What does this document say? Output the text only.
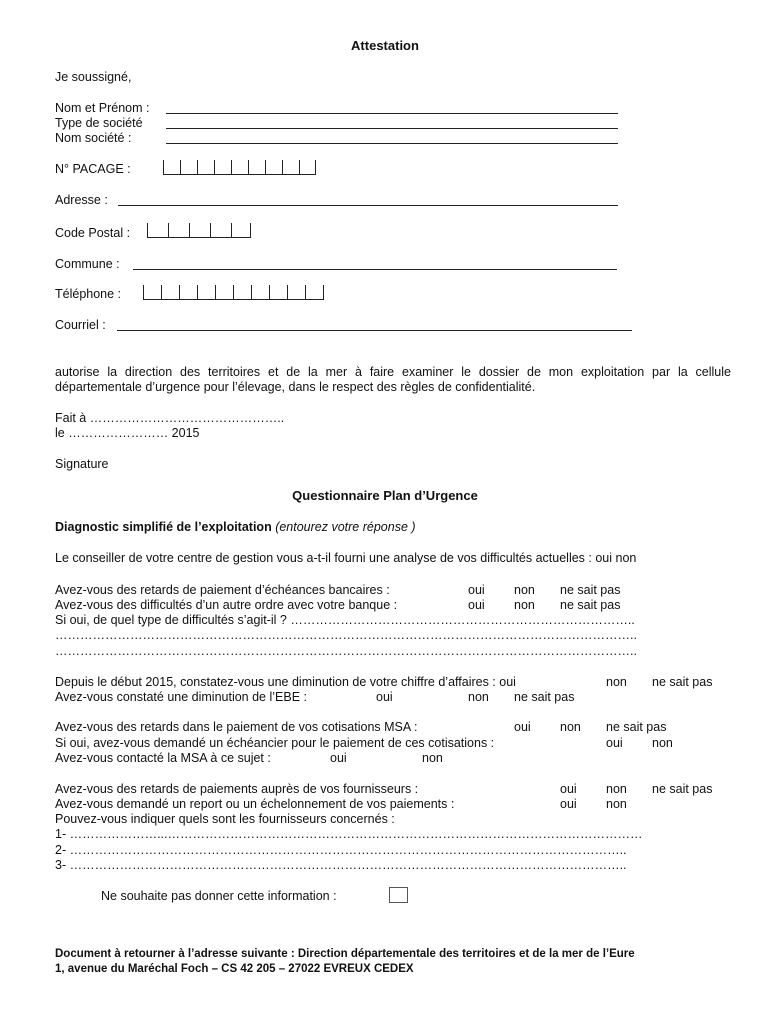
Attestation
Je soussigné,
Nom et Prénom :
Type de société
Nom société :
N° PACAGE :
Adresse :
Code Postal :
Commune :
Téléphone :
Courriel :
autorise la direction des territoires et de la mer à faire examiner le dossier de mon exploitation par la cellule départementale d’urgence pour l’élevage, dans le respect des règles de confidentialité.
Fait à ………………………………………..
le …………………… 2015
Signature
Questionnaire Plan d’Urgence
Diagnostic simplifié de l’exploitation (entourez votre réponse )
Le conseiller de votre centre de gestion vous a-t-il fourni une analyse de vos difficultés actuelles : oui non
Avez-vous des retards de paiement d’échéances bancaires :	oui non ne sait pas
Avez-vous des difficultés d’un autre ordre avec votre banque :	oui non ne sait pas
Si oui, de quel type de difficultés s’agit-il ? ………………………………………………………………………..
…………………………………………………………………………………………………………………………..
…………………………………………………………………………………………………………………………..
Depuis le début 2015, constatez-vous une diminution de votre chiffre d’affaires : oui	non ne sait pas
Avez-vous constaté une diminution de l’EBE :	oui	non ne sait pas
Avez-vous des retards dans le paiement de vos cotisations MSA :	oui non ne sait pas
Si oui, avez-vous demandé un échéancier pour le paiement de ces cotisations :	oui non
Avez-vous contacté la MSA à ce sujet :	oui	non
Avez-vous des retards de paiements auprès de vos fournisseurs :	oui non ne sait pas
Avez-vous demandé un report ou un échelonnement de vos paiements :	oui non
Pouvez-vous indiquer quels sont les fournisseurs concernés :
1- …………………...……………………………………………………………………………………………………
2- ……………………………………………………………………………………………………………………..
3- ……………………………………………………………………………………………………………………..
Ne souhaite pas donner cette information :
Document à retourner à l’adresse suivante : Direction départementale des territoires et de la mer de l’Eure
1, avenue du Maréchal Foch – CS 42 205 – 27022 EVREUX CEDEX
